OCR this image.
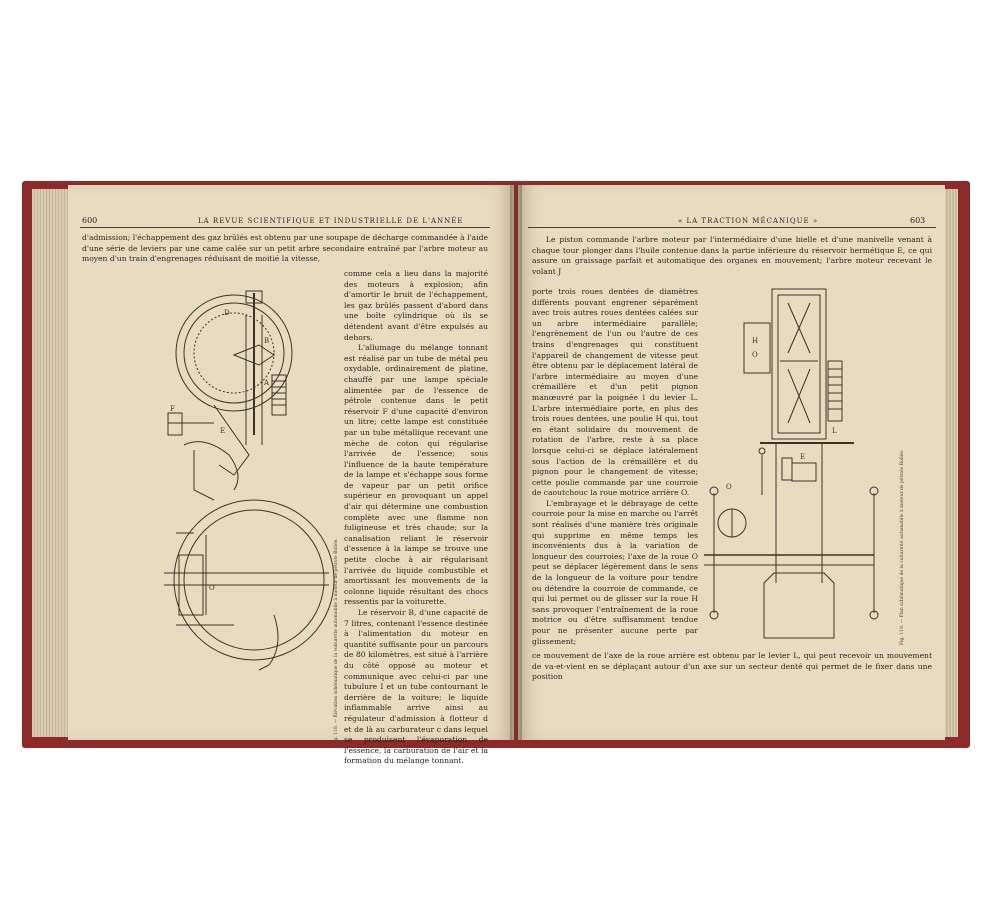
600	LA REVUE SCIENTIFIQUE ET INDUSTRIELLE DE L'ANNÉE

d'admission; l'échappement des gaz brûlés est obtenu par une soupape de décharge commandée à l'aide d'une série de leviers par une came calée sur un petit arbre secondaire entraîné par l'arbre moteur au moyen d'un train d'engrenages réduisant de moitié la vitesse,

D
B
A
F
E
O	Fig. 118. — Élévation schématique de la voiturette automobile à moteur de pétrole Bollée.

comme cela a lieu dans la majorité des moteurs à explosion; afin d'amortir le bruit de l'échappement, les gaz brûlés passent d'abord dans une boîte cylindrique où ils se détendent avant d'être expulsés au dehors.

L'allumage du mélange tonnant est réalisé par un tube de métal peu oxydable, ordinairement de platine, chauffé par une lampe spéciale alimentée par de l'essence de pétrole contenue dans le petit réservoir F d'une capacité d'environ un litre; cette lampe est constituée par un tube métallique recevant une mèche de coton qui régularise l'arrivée de l'essence; sous l'influence de la haute température de la lampe et s'échappe sous forme de vapeur par un petit orifice supérieur en provoquant un appel d'air qui détermine une combustion complète avec une flamme non fuligineuse et très chaude; sur la canalisation reliant le réservoir d'essence à la lampe se trouve une petite cloche à air régularisant l'arrivée du liquide combustible et amortissant les mouvements de la colonne liquide résultant des chocs ressentis par la voiturette.

Le réservoir B, d'une capacité de 7 litres, contenant l'essence destinée à l'alimentation du moteur en quantité suffisante pour un parcours de 80 kilomètres, est situé à l'arrière du côté opposé au moteur et communique avec celui-ci par une tubulure I et un tube contournant le derrière de la voiture; le liquide inflammable arrive ainsi au régulateur d'admission à flotteur d et de là au carburateur c dans lequel se produisent l'évaporation de l'essence, la carburation de l'air et la formation du mélange tonnant.

« LA TRACTION MÉCANIQUE »	603

Le piston commande l'arbre moteur par l'intermédiaire d'une bielle et d'une manivelle venant à chaque tour plonger dans l'huile contenue dans la partie inférieure du réservoir hermétique E, ce qui assure un graissage parfait et automatique des organes en mouvement; l'arbre moteur recevant le volant J

porte trois roues dentées de diamètres différents pouvant engrener séparément avec trois autres roues dentées calées sur un arbre intermédiaire parallèle; l'engrènement de l'un ou l'autre de ces trains d'engrenages qui constituent l'appareil de changement de vitesse peut être obtenu par le déplacement latéral de l'arbre intermédiaire au moyen d'une crémaillère et d'un petit pignon manœuvré par la poignée l du levier L. L'arbre intermédiaire porte, en plus des trois roues dentées, une poulie H qui, tout en étant solidaire du mouvement de rotation de l'arbre, reste à sa place lorsque celui-ci se déplace latéralement sous l'action de la crémaillère et du pignon pour le changement de vitesse; cette poulie commande par une courroie de caoutchouc la roue motrice arrière O.

L'embrayage et le débrayage de cette courroie pour la mise en marche ou l'arrêt sont réalisés d'une manière très originale qui supprime en même temps les inconvénients dus à la variation de longueur des courroies; l'axe de la roue O peut se déplacer légèrement dans le sens de la longueur de la voiture pour tendre ou détendre la courroie de commande, ce qui lui permet ou de glisser sur la roue H sans provoquer l'entraînement de la roue motrice ou d'être suffisamment tendue pour ne présenter aucune perte par glissement;

H
O
L
E
O	Fig. 119. — Plan schématique de la voiturette automobile à moteur de pétrole Bollée.

ce mouvement de l'axe de la roue arrière est obtenu par le levier L, qui peut recevoir un mouvement de va-et-vient en se déplaçant autour d'un axe sur un secteur denté qui permet de le fixer dans une position
